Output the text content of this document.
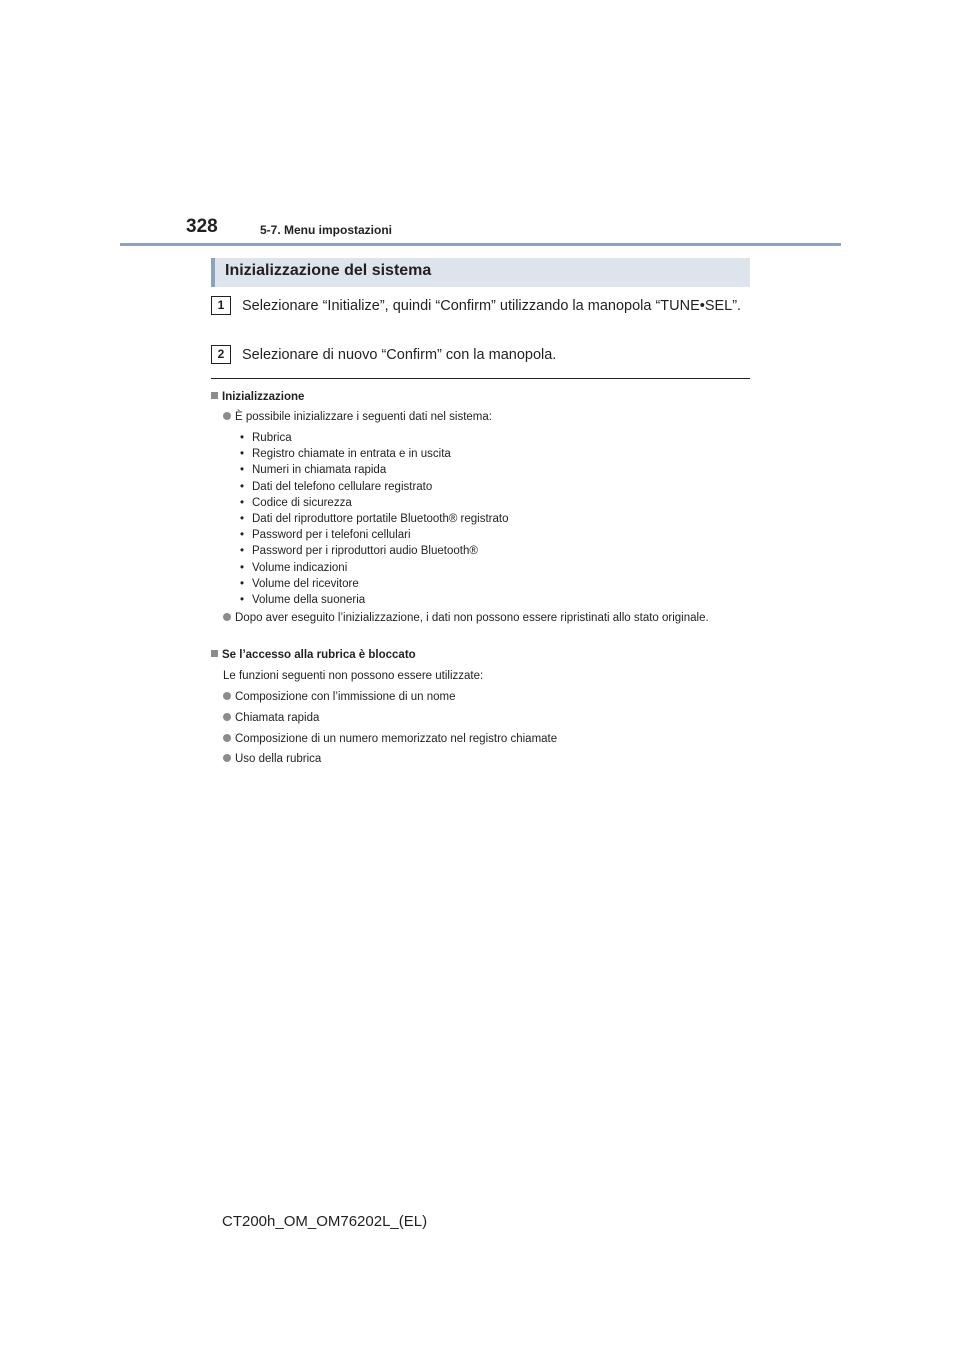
328	5-7. Menu impostazioni
Inizializzazione del sistema
1	Selezionare “Initialize”, quindi “Confirm” utilizzando la manopola “TUNE•SEL”.
2	Selezionare di nuovo “Confirm” con la manopola.
Inizializzazione
È possibile inizializzare i seguenti dati nel sistema:
• Rubrica
• Registro chiamate in entrata e in uscita
• Numeri in chiamata rapida
• Dati del telefono cellulare registrato
• Codice di sicurezza
• Dati del riproduttore portatile Bluetooth® registrato
• Password per i telefoni cellulari
• Password per i riproduttori audio Bluetooth®
• Volume indicazioni
• Volume del ricevitore
• Volume della suoneria
Dopo aver eseguito l’inizializzazione, i dati non possono essere ripristinati allo stato originale.
Se l’accesso alla rubrica è bloccato
Le funzioni seguenti non possono essere utilizzate:
Composizione con l’immissione di un nome
Chiamata rapida
Composizione di un numero memorizzato nel registro chiamate
Uso della rubrica
CT200h_OM_OM76202L_(EL)
